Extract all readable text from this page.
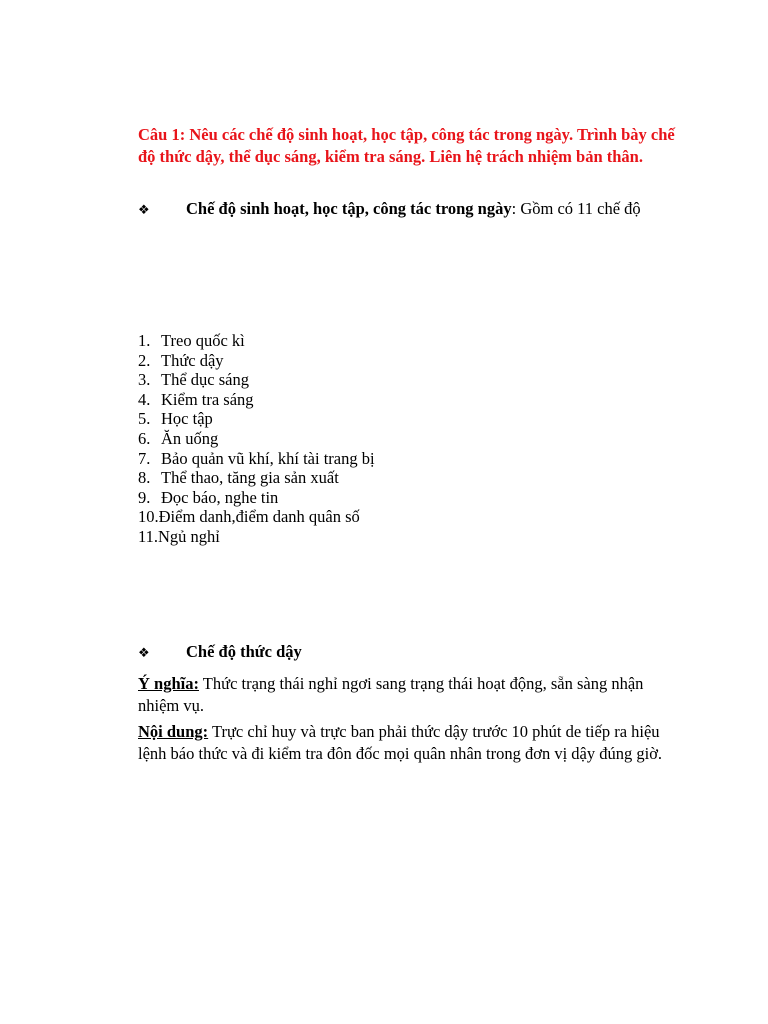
Câu 1: Nêu các chế độ sinh hoạt, học tập, công tác trong ngày. Trình bày chế độ thức dậy, thể dục sáng, kiểm tra sáng. Liên hệ trách nhiệm bản thân.
❖ Chế độ sinh hoạt, học tập, công tác trong ngày: Gồm có 11 chế độ
1. Treo quốc kì
2. Thức dậy
3. Thể dục sáng
4. Kiểm tra sáng
5. Học tập
6. Ăn uống
7. Bảo quản vũ khí, khí tài trang bị
8. Thể thao, tăng gia sản xuất
9. Đọc báo, nghe tin
10.Điểm danh,điểm danh quân số
11.Ngủ nghỉ
❖ Chế độ thức dậy
Ý nghĩa: Thức trạng thái nghỉ ngơi sang trạng thái hoạt động, sẵn sàng nhận nhiệm vụ.
Nội dung: Trực chỉ huy và trực ban phải thức dậy trước 10 phút de tiếp ra hiệu lệnh báo thức và đi kiểm tra đôn đốc mọi quân nhân trong đơn vị dậy đúng giờ.
